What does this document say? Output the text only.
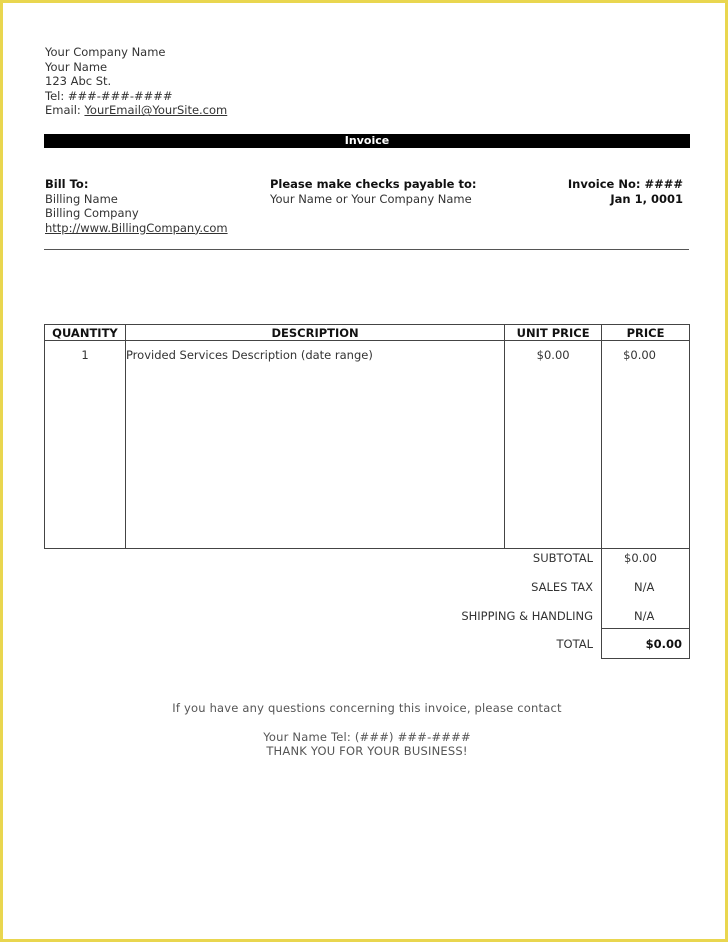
Your Company Name
Your Name
123 Abc St.
Tel: ###-###-####
Email: YourEmail@YourSite.com
Invoice
Bill To:
Billing Name
Billing Company
http://www.BillingCompany.com
Please make checks payable to:
Your Name or Your Company Name
Invoice No: ####
Jan 1, 0001
QUANTITY	DESCRIPTION	UNIT PRICE	PRICE
1	Provided Services Description (date range)	$0.00	$0.00
SUBTOTAL	$0.00
SALES TAX	N/A
SHIPPING & HANDLING	N/A
TOTAL	$0.00
If you have any questions concerning this invoice, please contact
Your Name Tel: (###) ###-####
THANK YOU FOR YOUR BUSINESS!
